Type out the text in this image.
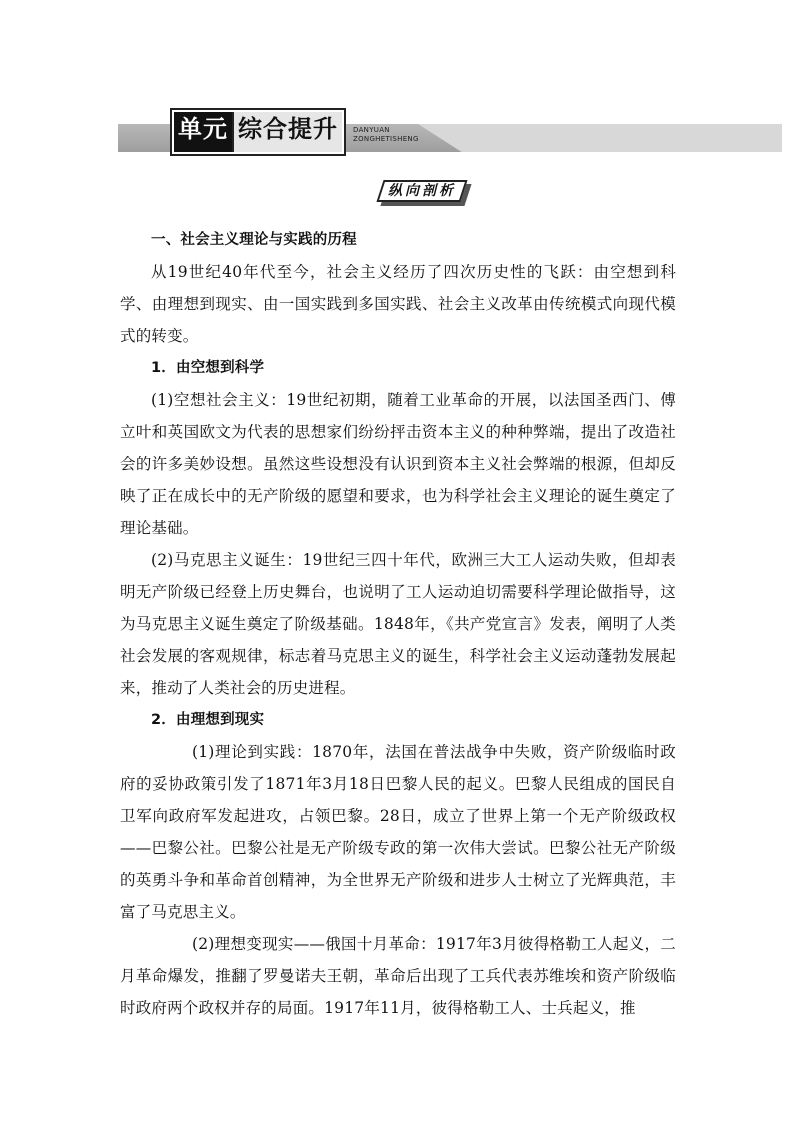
单元 综合提升	DANYUAN
ZONGHETISHENG
纵向剖析

一、社会主义理论与实践的历程

从19世纪40年代至今，社会主义经历了四次历史性的飞跃：由空想到科学、由理想到现实、由一国实践到多国实践、社会主义改革由传统模式向现代模式的转变。

1．由空想到科学

(1)空想社会主义：19世纪初期，随着工业革命的开展，以法国圣西门、傅立叶和英国欧文为代表的思想家们纷纷抨击资本主义的种种弊端，提出了改造社会的许多美妙设想。虽然这些设想没有认识到资本主义社会弊端的根源，但却反映了正在成长中的无产阶级的愿望和要求，也为科学社会主义理论的诞生奠定了理论基础。

(2)马克思主义诞生：19世纪三四十年代，欧洲三大工人运动失败，但却表明无产阶级已经登上历史舞台，也说明了工人运动迫切需要科学理论做指导，这为马克思主义诞生奠定了阶级基础。1848年，《共产党宣言》发表，阐明了人类社会发展的客观规律，标志着马克思主义的诞生，科学社会主义运动蓬勃发展起来，推动了人类社会的历史进程。

2．由理想到现实

(1)理论到实践：1870年，法国在普法战争中失败，资产阶级临时政府的妥协政策引发了1871年3月18日巴黎人民的起义。巴黎人民组成的国民自卫军向政府军发起进攻，占领巴黎。28日，成立了世界上第一个无产阶级政权——巴黎公社。巴黎公社是无产阶级专政的第一次伟大尝试。巴黎公社无产阶级的英勇斗争和革命首创精神，为全世界无产阶级和进步人士树立了光辉典范，丰富了马克思主义。

(2)理想变现实——俄国十月革命：1917年3月彼得格勒工人起义，二月革命爆发，推翻了罗曼诺夫王朝，革命后出现了工兵代表苏维埃和资产阶级临时政府两个政权并存的局面。1917年11月，彼得格勒工人、士兵起义，推
